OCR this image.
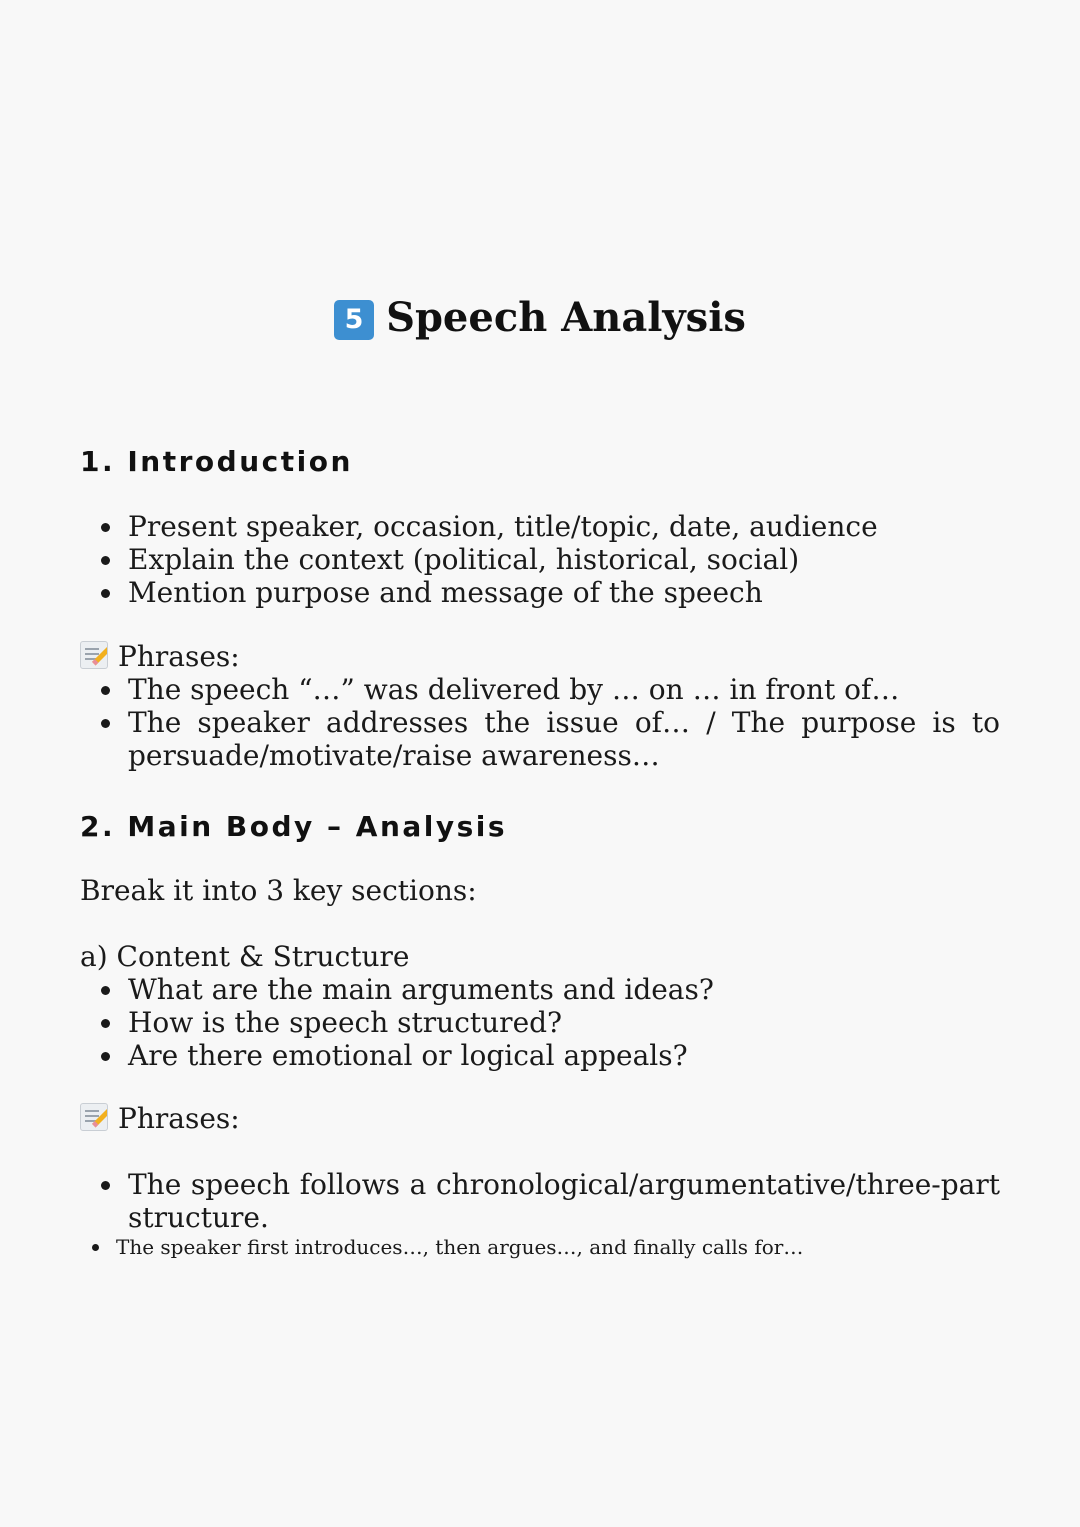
5 Speech Analysis
1. Introduction
Present speaker, occasion, title/topic, date, audience
Explain the context (political, historical, social)
Mention purpose and message of the speech

Phrases:

The speech “…” was delivered by … on … in front of…
The speaker addresses the issue of… / The purpose is to persuade/motivate/raise awareness…
2. Main Body – Analysis

Break it into 3 key sections:

a) Content & Structure

What are the main arguments and ideas?
How is the speech structured?
Are there emotional or logical appeals?

Phrases:

The speech follows a chronological/argumentative/three-part structure.
The speaker first introduces…, then argues…, and finally calls for…
